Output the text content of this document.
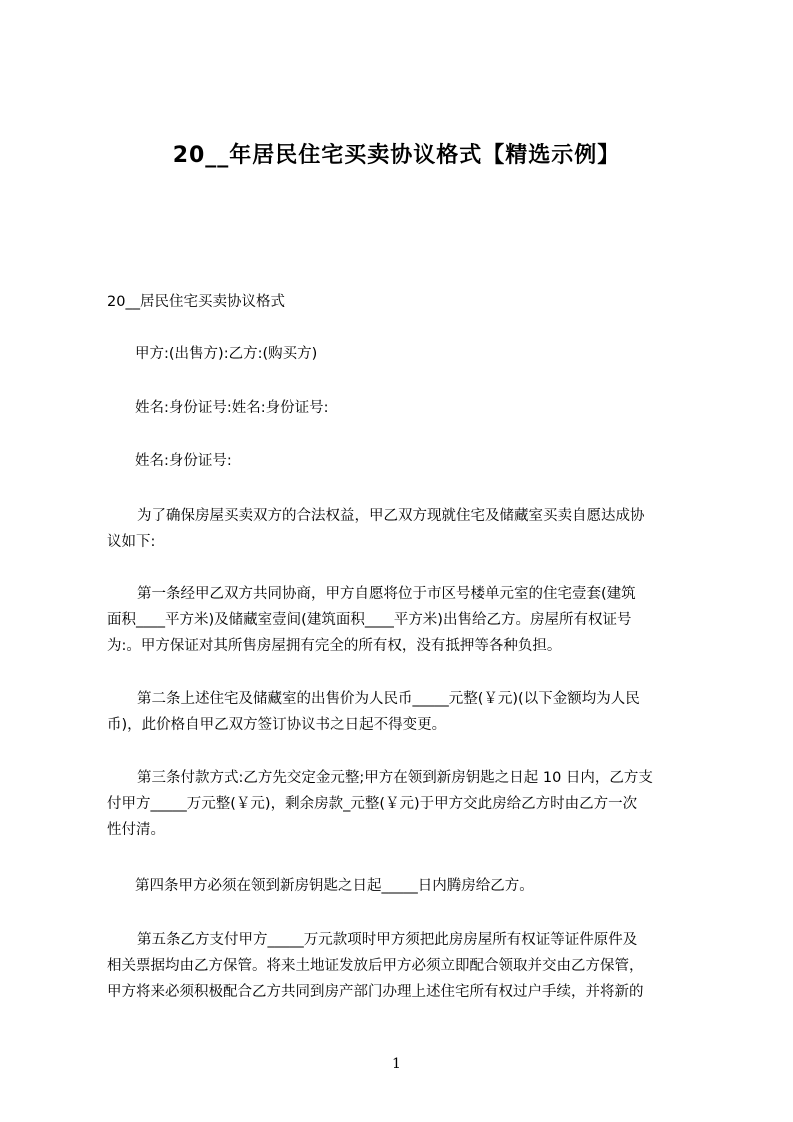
20__年居民住宅买卖协议格式【精选示例】

20__居民住宅买卖协议格式

甲方:(出售方):乙方:(购买方)

姓名:身份证号:姓名:身份证号:

姓名:身份证号:

为了确保房屋买卖双方的合法权益，甲乙双方现就住宅及储藏室买卖自愿达成协
议如下:
第一条经甲乙双方共同协商，甲方自愿将位于市区号楼单元室的住宅壹套(建筑
面积____平方米)及储藏室壹间(建筑面积____平方米)出售给乙方。房屋所有权证号
为:。甲方保证对其所售房屋拥有完全的所有权，没有抵押等各种负担。
第二条上述住宅及储藏室的出售价为人民币_____元整(￥元)(以下金额均为人民
币)，此价格自甲乙双方签订协议书之日起不得变更。
第三条付款方式:乙方先交定金元整;甲方在领到新房钥匙之日起 10 日内，乙方支
付甲方_____万元整(￥元)，剩余房款_元整(￥元)于甲方交此房给乙方时由乙方一次
性付清。

第四条甲方必须在领到新房钥匙之日起_____日内腾房给乙方。

第五条乙方支付甲方_____万元款项时甲方须把此房房屋所有权证等证件原件及
相关票据均由乙方保管。将来土地证发放后甲方必须立即配合领取并交由乙方保管，
甲方将来必须积极配合乙方共同到房产部门办理上述住宅所有权过户手续，并将新的
1
